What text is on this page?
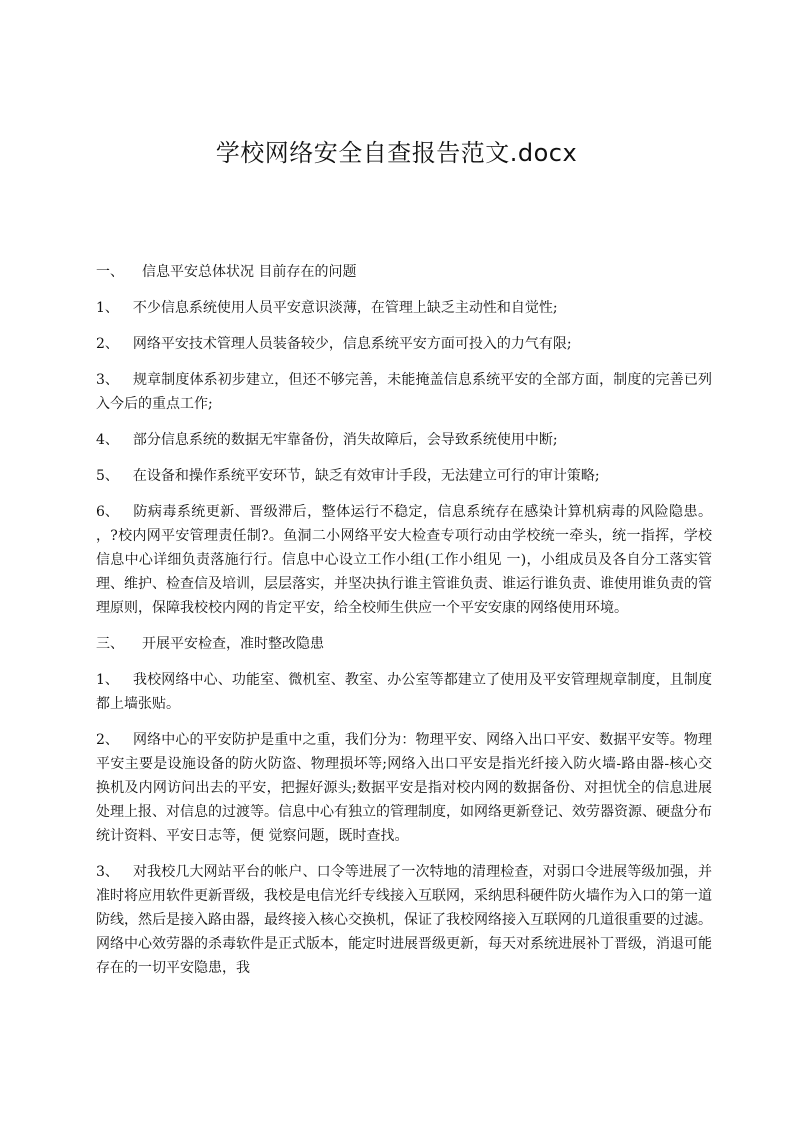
学校网络安全自查报告范文.docx

一、 信息平安总体状况 目前存在的问题

1、 不少信息系统使用人员平安意识淡薄，在管理上缺乏主动性和自觉性;

2、 网络平安技术管理人员装备较少，信息系统平安方面可投入的力气有限;

3、 规章制度体系初步建立，但还不够完善，未能掩盖信息系统平安的全部方面，制度的完善已列入今后的重点工作;

4、 部分信息系统的数据无牢靠备份，消失故障后，会导致系统使用中断;

5、 在设备和操作系统平安环节，缺乏有效审计手段，无法建立可行的审计策略;

6、 防病毒系统更新、晋级滞后，整体运行不稳定，信息系统存在感染计算机病毒的风险隐患。 ，?校内网平安管理责任制?。鱼洞二小网络平安大检查专项行动由学校统一牵头，统一指挥，学校信息中心详细负责落施行行。信息中心设立工作小组(工作小组见 一)，小组成员及各自分工落实管理、维护、检查信及培训，层层落实，并坚决执行谁主管谁负责、谁运行谁负责、谁使用谁负责的管理原则，保障我校校内网的肯定平安，给全校师生供应一个平安安康的网络使用环境。

三、 开展平安检查，准时整改隐患

1、 我校网络中心、功能室、微机室、教室、办公室等都建立了使用及平安管理规章制度，且制度都上墙张贴。

2、 网络中心的平安防护是重中之重，我们分为：物理平安、网络入出口平安、数据平安等。物理平安主要是设施设备的防火防盗、物理损坏等;网络入出口平安是指光纤接入防火墙-路由器-核心交换机及内网访问出去的平安，把握好源头;数据平安是指对校内网的数据备份、对担忧全的信息进展处理上报、对信息的过渡等。信息中心有独立的管理制度，如网络更新登记、效劳器资源、硬盘分布统计资料、平安日志等，便 觉察问题，既时查找。

3、 对我校几大网站平台的帐户、口令等进展了一次特地的清理检查，对弱口令进展等级加强，并准时将应用软件更新晋级，我校是电信光纤专线接入互联网，采纳思科硬件防火墙作为入口的第一道防线，然后是接入路由器，最终接入核心交换机，保证了我校网络接入互联网的几道很重要的过滤。网络中心效劳器的杀毒软件是正式版本，能定时进展晋级更新，每天对系统进展补丁晋级，消退可能存在的一切平安隐患，我
